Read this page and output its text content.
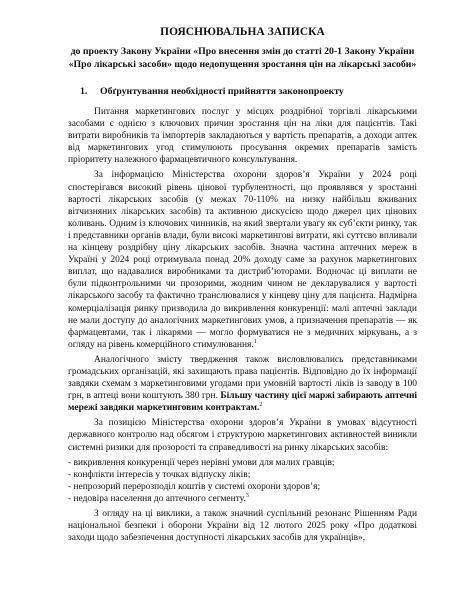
ПОЯСНЮВАЛЬНА ЗАПИСКА
до проекту Закону України «Про внесення змін до статті 20-1 Закону України «Про лікарські засоби» щодо недопущення зростання цін на лікарські засоби»
1. Обґрунтування необхідності прийняття законопроекту

Питання маркетингових послуг у місцях роздрібної торгівлі лікарськими засобами є однією з ключових причин зростання цін на ліки для пацієнтів. Такі витрати виробників та імпортерів закладаються у вартість препаратів, а доходи аптек від маркетингових угод стимулюють просування окремих препаратів замість пріоритету належного фармацевтичного консультування.

За інформацією Міністерства охорони здоров’я України у 2024 році спостерігався високий рівень цінової турбулентності, що проявлявся у зростанні вартості лікарських засобів (у межах 70-110% на низку найбільш вживаних вітчизняних лікарських засобів) та активною дискусією щодо джерел цих цінових коливань. Одним із ключових чинників, на який звертали увагу як суб’єкти ринку, так і представники органів влади, були високі маркетингові витрати, які суттєво впливали на кінцеву роздрібну ціну лікарських засобів. Значна частина аптечних мереж в Україні у 2024 році отримувала понад 20% доходу саме за рахунок маркетингових виплат, що надавалися виробниками та дистриб’юторами. Водночас ці виплати не були підконтрольними чи прозорими, жодним чином не декларувалися у вартості лікарського засобу та фактично транслювалися у кінцеву ціну для пацієнта. Надмірна комерціалізація ринку призводила до викривлення конкуренції: малі аптечні заклади не мали доступу до аналогічних маркетингових умов, а призначення препаратів — як фармацевтами, так і лікарями — могло формуватися не з медичних міркувань, а з огляду на рівень комерційного стимулювання.$^1$

Аналогічного змісту твердження також висловлювались представниками громадських організацій, які захищають права пацієнтів. Відповідно до їх інформації завдяки схемам з маркетинговими угодами при умовній вартості ліків із заводу в 100 грн, в аптеці вони коштують 380 грн. Більшу частину цієї маржі забирають аптечні мережі завдяки маркетинговим контрактам.$^2$

За позицією Міністерства охорони здоров’я України в умовах відсутності державного контролю над обсягом і структурою маркетингових активностей виникли системні ризики для прозорості та справедливості на ринку лікарських засобів:

- викривлення конкуренції через нерівні умови для малих гравців;
- конфлікти інтересів у точках відпуску ліків;
- непрозорий перерозподіл коштів у системі охорони здоров’я;
- недовіра населення до аптечного сегменту.$^3$

З огляду на ці виклики, а також значний суспільний резонанс Рішенням Ради національної безпеки і оборони України від 12 лютого 2025 року «Про додаткові заходи щодо забезпечення доступності лікарських засобів для українців»,
